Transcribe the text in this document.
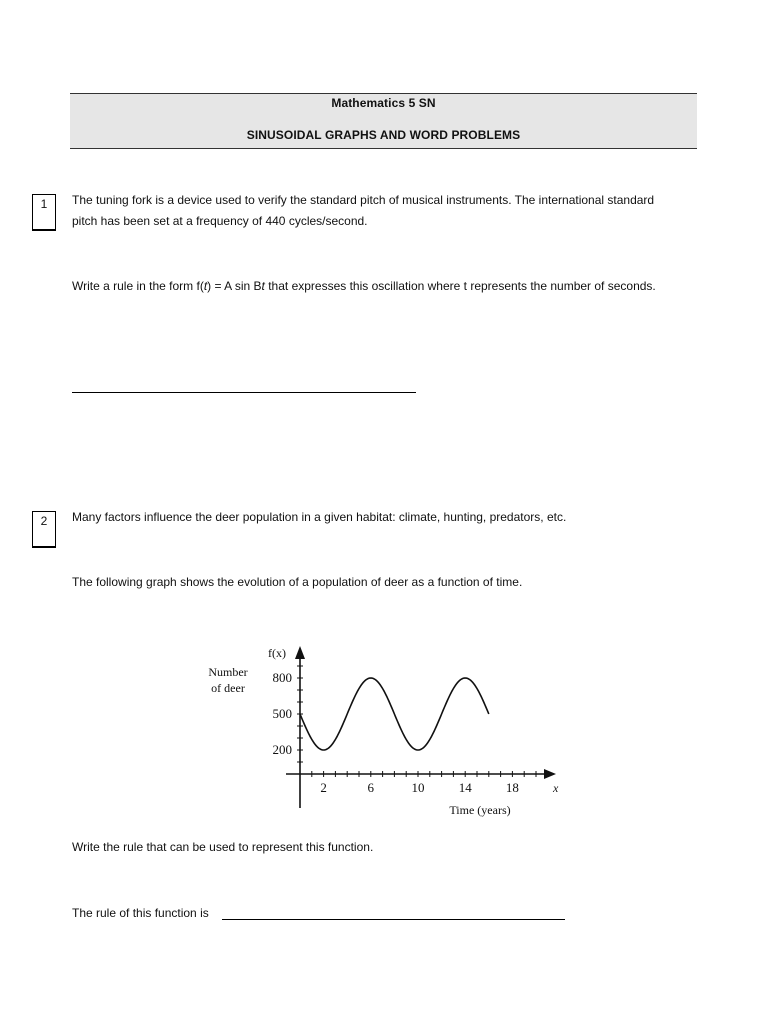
Mathematics 5 SN
SINUSOIDAL GRAPHS AND WORD PROBLEMS
1	The tuning fork is a device used to verify the standard pitch of musical instruments. The international standard
pitch has been set at a frequency of 440 cycles/second.
Write a rule in the form f(t) = A sin Bt that expresses this oscillation where t represents the number of seconds.
2	Many factors influence the deer population in a given habitat: climate, hunting, predators, etc.
The following graph shows the evolution of a population of deer as a function of time.
Number
of deer
f(x)
200
500
800
2	6	10	14	18	x
Time (years)
Write the rule that can be used to represent this function.
The rule of this function is
